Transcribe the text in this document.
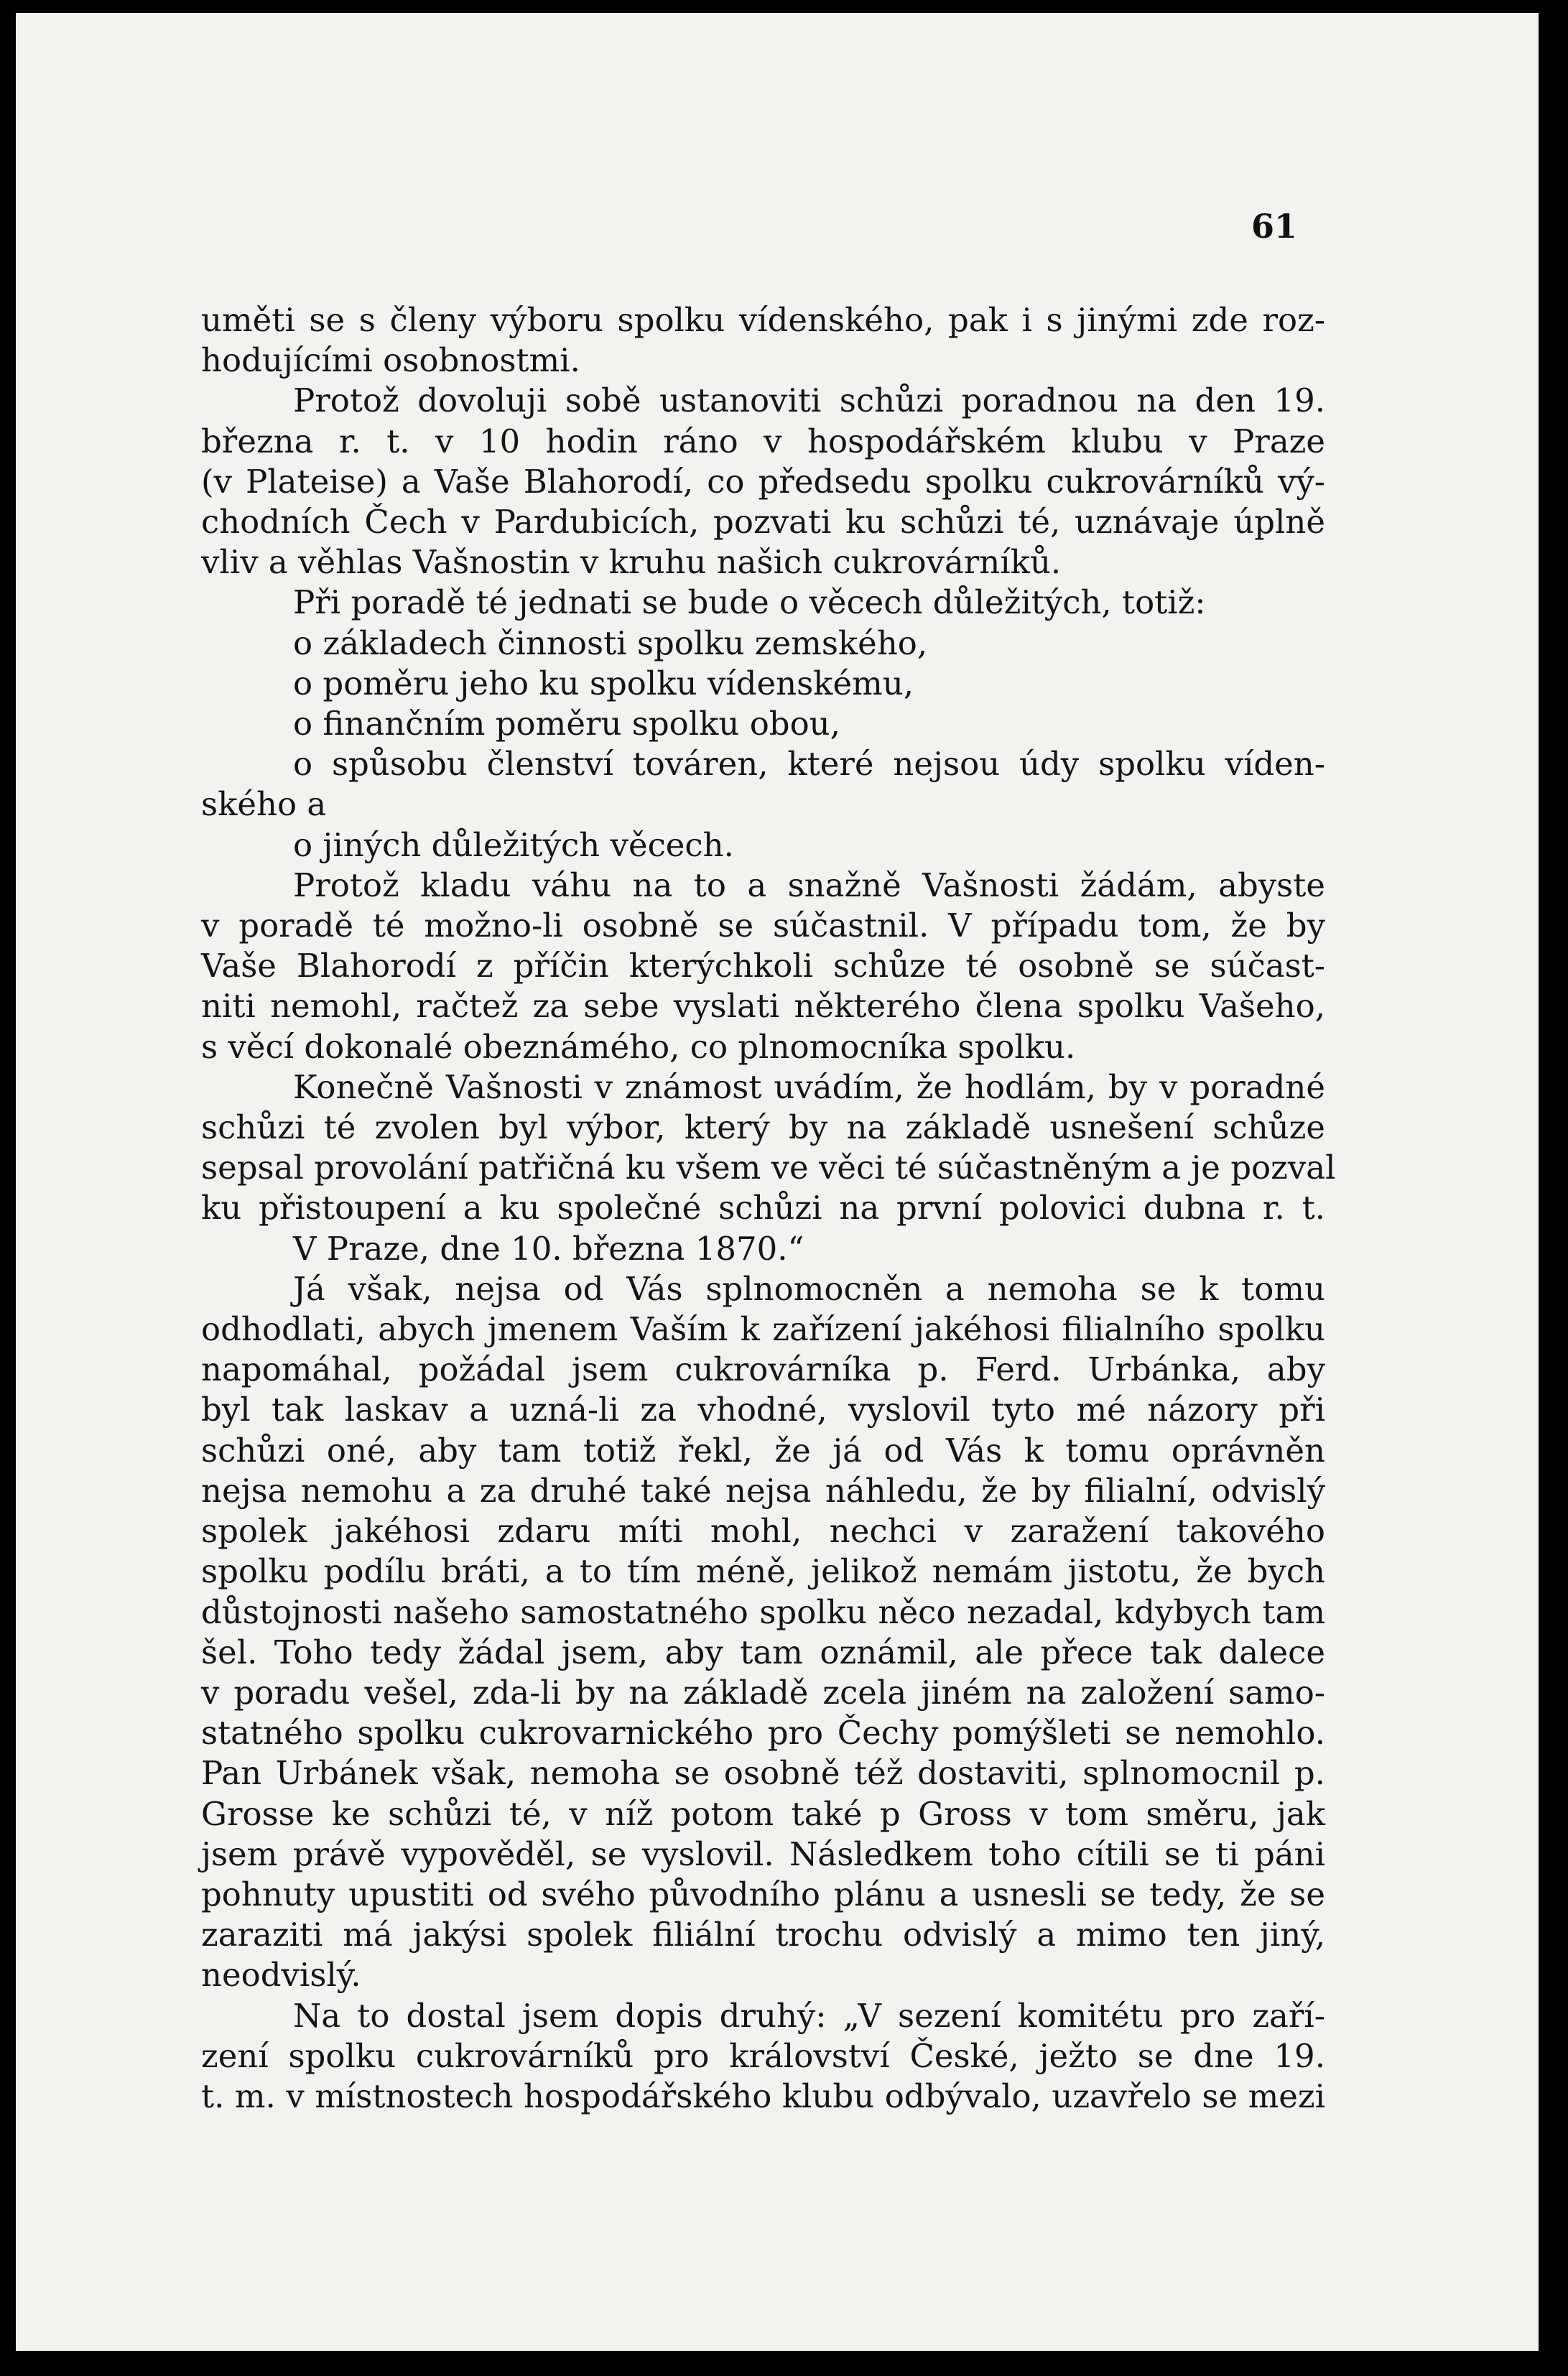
61
uměti se s členy výboru spolku vídenského, pak i s jinými zde roz-
hodujícími osobnostmi.
Protož dovoluji sobě ustanoviti schůzi poradnou na den 19.
března r. t. v 10 hodin ráno v hospodářském klubu v Praze
(v Plateise) a Vaše Blahorodí, co předsedu spolku cukrovárníků vý-
chodních Čech v Pardubicích, pozvati ku schůzi té, uznávaje úplně
vliv a věhlas Vašnostin v kruhu našich cukrovárníků.
Při poradě té jednati se bude o věcech důležitých, totiž:
o základech činnosti spolku zemského,
o poměru jeho ku spolku vídenskému,
o finančním poměru spolku obou,
o spůsobu členství továren, které nejsou údy spolku víden-
ského a
o jiných důležitých věcech.
Protož kladu váhu na to a snažně Vašnosti žádám, abyste
v poradě té možno-li osobně se súčastnil. V případu tom, že by
Vaše Blahorodí z příčin kterýchkoli schůze té osobně se súčast-
niti nemohl, račtež za sebe vyslati některého člena spolku Vašeho,
s věcí dokonalé obeznámého, co plnomocníka spolku.
Konečně Vašnosti v známost uvádím, že hodlám, by v poradné
schůzi té zvolen byl výbor, který by na základě usnešení schůze
sepsal provolání patřičná ku všem ve věci té súčastněným a je pozval
ku přistoupení a ku společné schůzi na první polovici dubna r. t.
V Praze, dne 10. března 1870.“
Já však, nejsa od Vás splnomocněn a nemoha se k tomu
odhodlati, abych jmenem Vaším k zařízení jakéhosi filialního spolku
napomáhal, požádal jsem cukrovárníka p. Ferd. Urbánka, aby
byl tak laskav a uzná-li za vhodné, vyslovil tyto mé názory při
schůzi oné, aby tam totiž řekl, že já od Vás k tomu oprávněn
nejsa nemohu a za druhé také nejsa náhledu, že by filialní, odvislý
spolek jakéhosi zdaru míti mohl, nechci v zaražení takového
spolku podílu bráti, a to tím méně, jelikož nemám jistotu, že bych
důstojnosti našeho samostatného spolku něco nezadal, kdybych tam
šel. Toho tedy žádal jsem, aby tam oznámil, ale přece tak dalece
v poradu vešel, zda-li by na základě zcela jiném na založení samo-
statného spolku cukrovarnického pro Čechy pomýšleti se nemohlo.
Pan Urbánek však, nemoha se osobně též dostaviti, splnomocnil p.
Grosse ke schůzi té, v níž potom také p Gross v tom směru, jak
jsem právě vypověděl, se vyslovil. Následkem toho cítili se ti páni
pohnuty upustiti od svého původního plánu a usnesli se tedy, že se
zaraziti má jakýsi spolek filiální trochu odvislý a mimo ten jiný,
neodvislý.
Na to dostal jsem dopis druhý: „V sezení komitétu pro zaří-
zení spolku cukrovárníků pro království České, ježto se dne 19.
t. m. v místnostech hospodářského klubu odbývalo, uzavřelo se mezi
